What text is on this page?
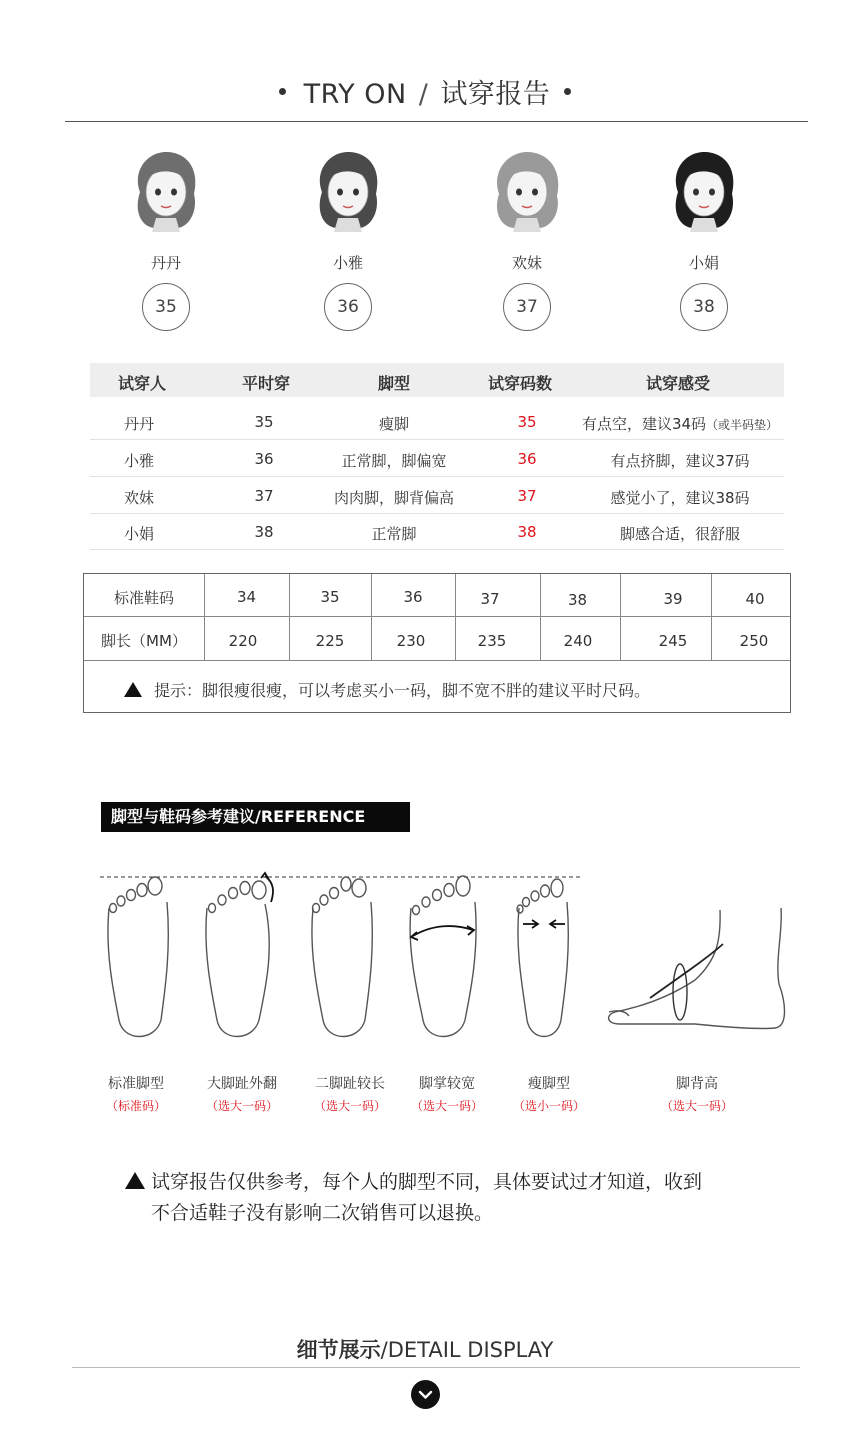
TRY ON / 试穿报告
丹丹
35
小雅
36
欢妹
37
小娟
38
试穿人	平时穿	脚型	试穿码数	试穿感受
丹丹	35	瘦脚	35	有点空，建议34码（或半码垫）
小雅	36	正常脚，脚偏宽	36	有点挤脚，建议37码
欢妹	37	肉肉脚，脚背偏高	37	感觉小了，建议38码
小娟	38	正常脚	38	脚感合适，很舒服
标准鞋码	34	35	36	37	38	39	40
脚长（MM）	220	225	230	235	240	245	250
提示：脚很瘦很瘦，可以考虑买小一码，脚不宽不胖的建议平时尺码。
脚型与鞋码参考建议/REFERENCE
标准脚型
（标准码）
大脚趾外翻
（选大一码）
二脚趾较长
（选大一码）
脚掌较宽
（选大一码）
瘦脚型
（选小一码）
脚背高
（选大一码）
试穿报告仅供参考，每个人的脚型不同，具体要试过才知道，收到
不合适鞋子没有影响二次销售可以退换。
细节展示/DETAIL DISPLAY
